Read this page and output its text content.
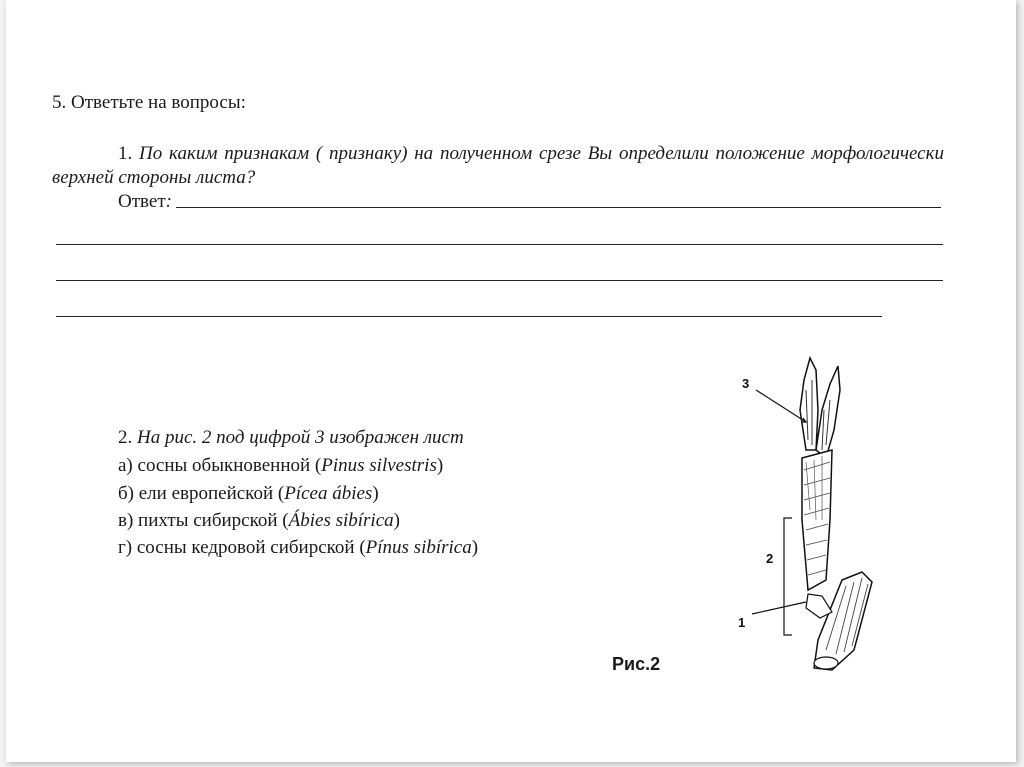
5. Ответьте на вопросы:
1. По каким признакам ( признаку) на полученном срезе Вы определили положение морфологически верхней стороны листа?
Ответ:
2. На рис. 2 под цифрой 3 изображен лист
а) сосны обыкновенной (Pinus silvestris)
б) ели европейской (Pícea ábies)
в) пихты сибирской (Ábies sibírica)
г) сосны кедровой сибирской (Pínus sibírica)
3
2
1
Рис.2
